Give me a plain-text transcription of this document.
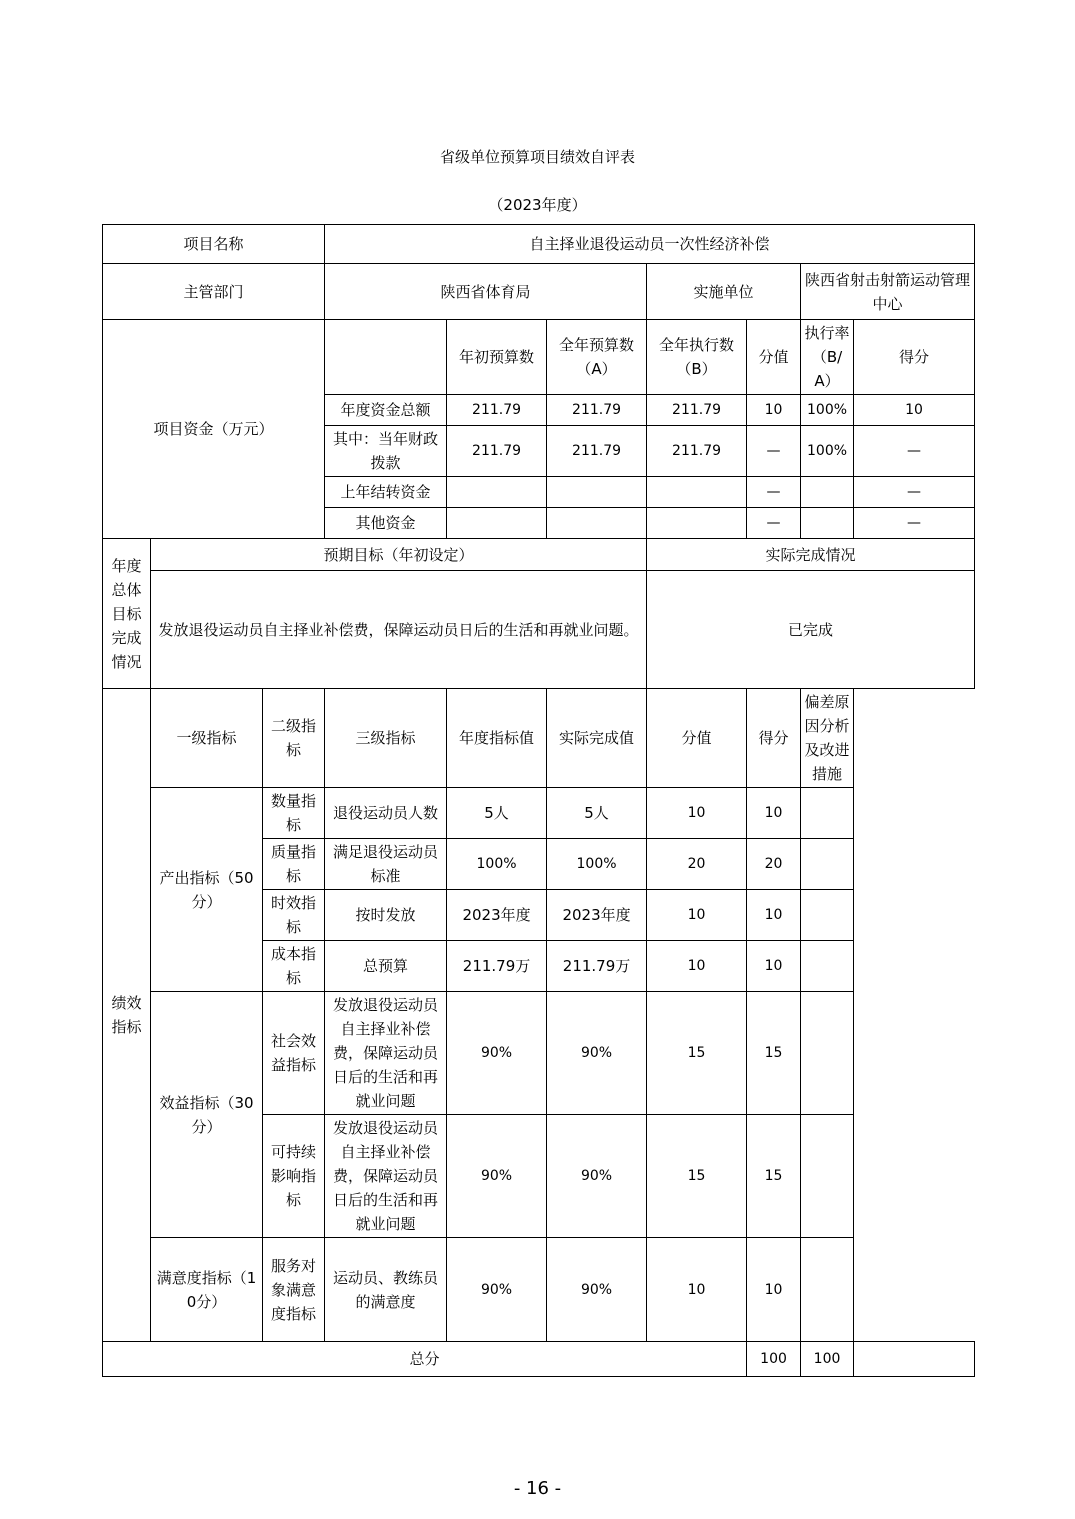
省级单位预算项目绩效自评表
（2023年度）
项目名称			自主择业退役运动员一次性经济补偿						
主管部门			陕西省体育局			实施单位		陕西省射击射箭运动管理中心	
项目资金（万元）				年初预算数	全年预算数（A）	全年执行数（B）	分值	执行率（B/A）	得分
			年度资金总额	211.79	211.79	211.79	10	100%	10
			其中：当年财政拨款	211.79	211.79	211.79	—	100%	—
			上年结转资金				—		—
			其他资金				—		—
年度总体目标完成情况	预期目标（年初设定）					实际完成情况			
	发放退役运动员自主择业补偿费，保障运动员日后的生活和再就业问题。					已完成			
绩效指标	一级指标	二级指标	三级指标	年度指标值	实际完成值	分值	得分	偏差原因分析及改进措施	
	产出指标（50分）	数量指标	退役运动员人数	5人	5人	10	10		
		质量指标	满足退役运动员标准	100%	100%	20	20		
		时效指标	按时发放	2023年度	2023年度	10	10		
		成本指标	总预算	211.79万	211.79万	10	10		
	效益指标（30分）	社会效益指标	发放退役运动员自主择业补偿费，保障运动员日后的生活和再就业问题	90%	90%	15	15		
		可持续影响指标	发放退役运动员自主择业补偿费，保障运动员日后的生活和再就业问题	90%	90%	15	15		
	满意度指标（10分）	服务对象满意度指标	运动员、教练员的满意度	90%	90%	10	10		
总分							100	100	
- 16 -
